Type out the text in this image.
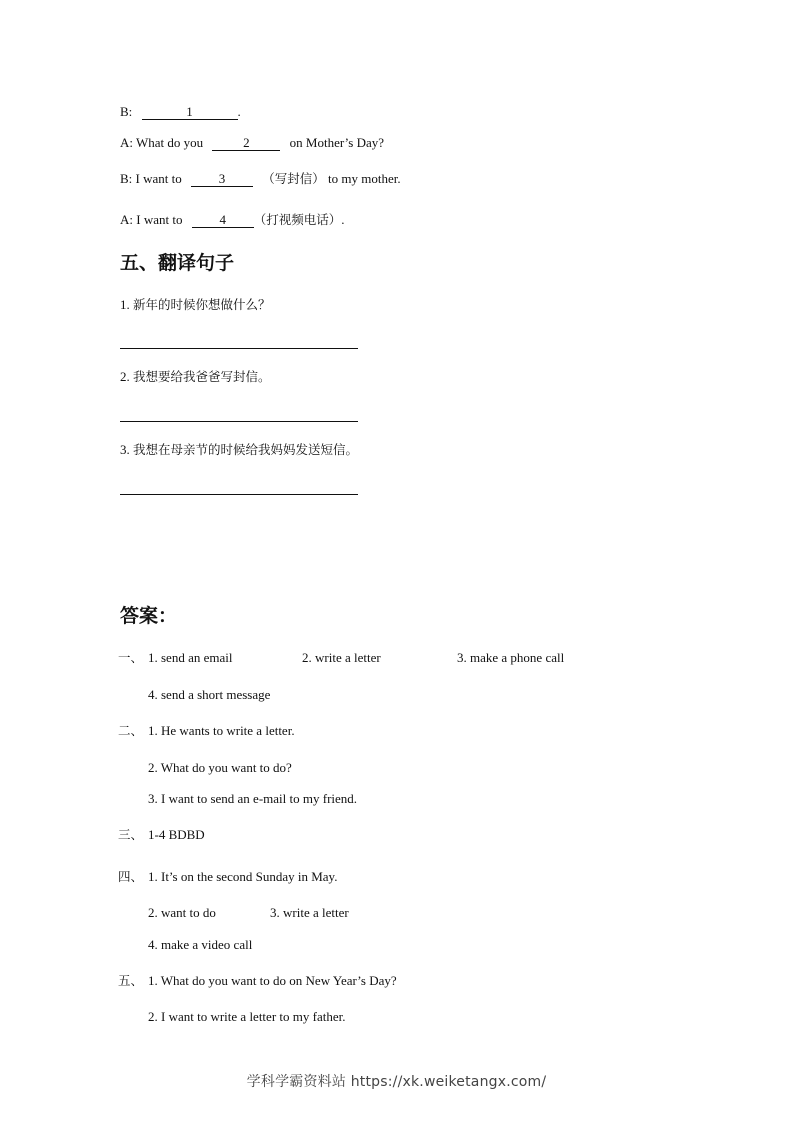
B:	1	.
A: What do you	2	on Mother’s Day?
B: I want to	3	（写封信） to my mother.
A: I want to	4 （打视频电话）.
五、翻译句子
1. 新年的时候你想做什么？
2. 我想要给我爸爸写封信。
3. 我想在母亲节的时候给我妈妈发送短信。
答案：
一、 1. send an email	2. write a letter	3. make a phone call
4. send a short message
二、 1. He wants to write a letter.
2. What do you want to do?
3. I want to send an e-mail to my friend.
三、 1-4 BDBD
四、 1. It’s on the second Sunday in May.
2. want to do	3. write a letter
4. make a video call
五、 1. What do you want to do on New Year’s Day?
2. I want to write a letter to my father.
学科学霸资料站 https://xk.weiketangx.com/
